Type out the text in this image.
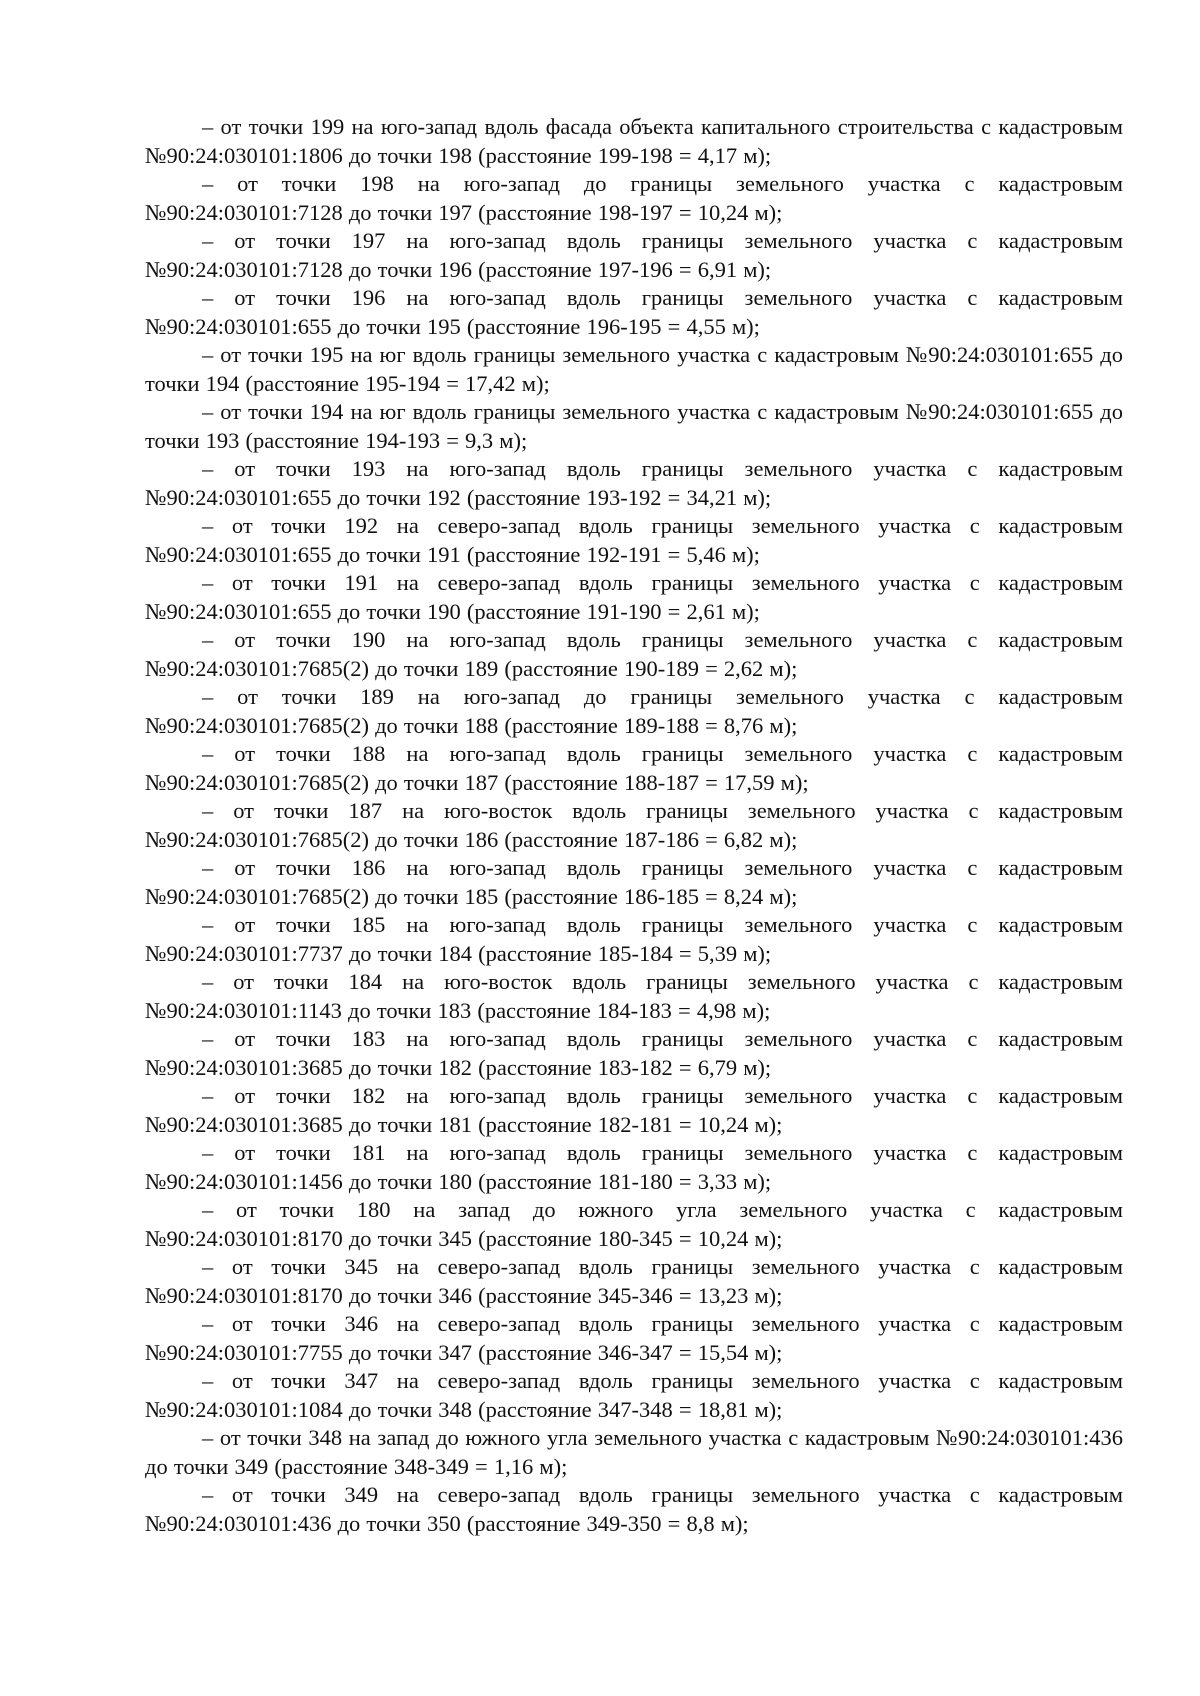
– от точки 199 на юго-запад вдоль фасада объекта капитального строительства с кадастровым №90:24:030101:1806 до точки 198 (расстояние 199-198 = 4,17 м);

– от точки 198 на юго-запад до границы земельного участка с кадастровым №90:24:030101:7128 до точки 197 (расстояние 198-197 = 10,24 м);

– от точки 197 на юго-запад вдоль границы земельного участка с кадастровым №90:24:030101:7128 до точки 196 (расстояние 197-196 = 6,91 м);

– от точки 196 на юго-запад вдоль границы земельного участка с кадастровым №90:24:030101:655 до точки 195 (расстояние 196-195 = 4,55 м);

– от точки 195 на юг вдоль границы земельного участка с кадастровым №90:24:030101:655 до точки 194 (расстояние 195-194 = 17,42 м);

– от точки 194 на юг вдоль границы земельного участка с кадастровым №90:24:030101:655 до точки 193 (расстояние 194-193 = 9,3 м);

– от точки 193 на юго-запад вдоль границы земельного участка с кадастровым №90:24:030101:655 до точки 192 (расстояние 193-192 = 34,21 м);

– от точки 192 на северо-запад вдоль границы земельного участка с кадастровым №90:24:030101:655 до точки 191 (расстояние 192-191 = 5,46 м);

– от точки 191 на северо-запад вдоль границы земельного участка с кадастровым №90:24:030101:655 до точки 190 (расстояние 191-190 = 2,61 м);

– от точки 190 на юго-запад вдоль границы земельного участка с кадастровым №90:24:030101:7685(2) до точки 189 (расстояние 190-189 = 2,62 м);

– от точки 189 на юго-запад до границы земельного участка с кадастровым №90:24:030101:7685(2) до точки 188 (расстояние 189-188 = 8,76 м);

– от точки 188 на юго-запад вдоль границы земельного участка с кадастровым №90:24:030101:7685(2) до точки 187 (расстояние 188-187 = 17,59 м);

– от точки 187 на юго-восток вдоль границы земельного участка с кадастровым №90:24:030101:7685(2) до точки 186 (расстояние 187-186 = 6,82 м);

– от точки 186 на юго-запад вдоль границы земельного участка с кадастровым №90:24:030101:7685(2) до точки 185 (расстояние 186-185 = 8,24 м);

– от точки 185 на юго-запад вдоль границы земельного участка с кадастровым №90:24:030101:7737 до точки 184 (расстояние 185-184 = 5,39 м);

– от точки 184 на юго-восток вдоль границы земельного участка с кадастровым №90:24:030101:1143 до точки 183 (расстояние 184-183 = 4,98 м);

– от точки 183 на юго-запад вдоль границы земельного участка с кадастровым №90:24:030101:3685 до точки 182 (расстояние 183-182 = 6,79 м);

– от точки 182 на юго-запад вдоль границы земельного участка с кадастровым №90:24:030101:3685 до точки 181 (расстояние 182-181 = 10,24 м);

– от точки 181 на юго-запад вдоль границы земельного участка с кадастровым №90:24:030101:1456 до точки 180 (расстояние 181-180 = 3,33 м);

– от точки 180 на запад до южного угла земельного участка с кадастровым №90:24:030101:8170 до точки 345 (расстояние 180-345 = 10,24 м);

– от точки 345 на северо-запад вдоль границы земельного участка с кадастровым №90:24:030101:8170 до точки 346 (расстояние 345-346 = 13,23 м);

– от точки 346 на северо-запад вдоль границы земельного участка с кадастровым №90:24:030101:7755 до точки 347 (расстояние 346-347 = 15,54 м);

– от точки 347 на северо-запад вдоль границы земельного участка с кадастровым №90:24:030101:1084 до точки 348 (расстояние 347-348 = 18,81 м);

– от точки 348 на запад до южного угла земельного участка с кадастровым №90:24:030101:436 до точки 349 (расстояние 348-349 = 1,16 м);

– от точки 349 на северо-запад вдоль границы земельного участка с кадастровым №90:24:030101:436 до точки 350 (расстояние 349-350 = 8,8 м);
